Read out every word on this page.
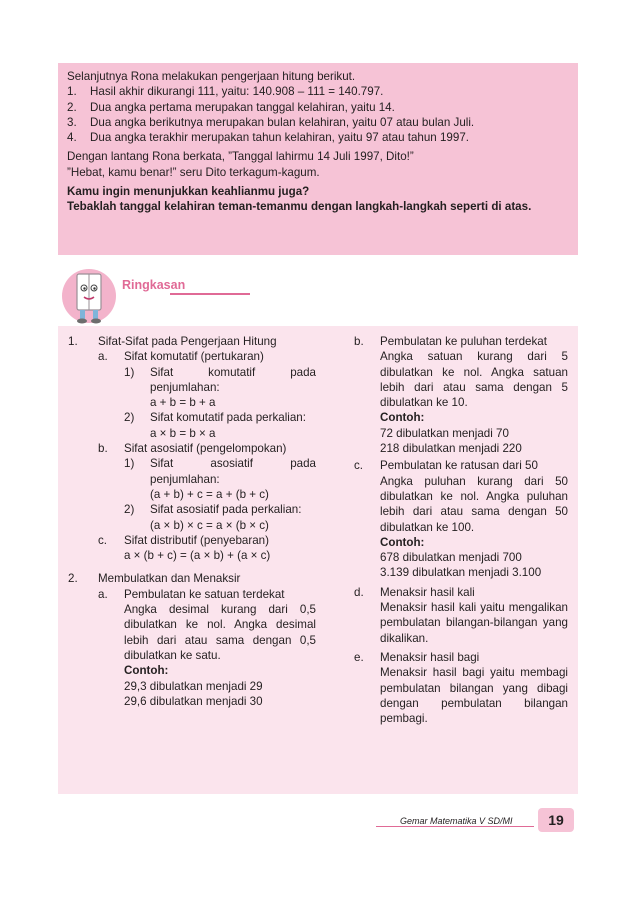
Selanjutnya Rona melakukan pengerjaan hitung berikut.

1.	Hasil akhir dikurangi 111, yaitu: 140.908 – 111 = 140.797.
2.	Dua angka pertama merupakan tanggal kelahiran, yaitu 14.
3.	Dua angka berikutnya merupakan bulan kelahiran, yaitu 07 atau bulan Juli.
4.	Dua angka terakhir merupakan tahun kelahiran, yaitu 97 atau tahun 1997.

Dengan lantang Rona berkata, ”Tanggal lahirmu 14 Juli 1997, Dito!”

”Hebat, kamu benar!” seru Dito terkagum-kagum.

Kamu ingin menunjukkan keahlianmu juga?

Tebaklah tanggal kelahiran teman-temanmu dengan langkah-langkah seperti di atas.

Ringkasan
1.	Sifat-Sifat pada Pengerjaan Hitung
a.	Sifat komutatif (pertukaran)
1)	Sifat komutatif pada penjumlahan:
a + b = b + a
2)	Sifat komutatif pada perkalian:
a × b = b × a
b.	Sifat asosiatif (pengelompokan)
1)	Sifat asosiatif pada penjumlahan:
(a + b) + c = a + (b + c)
2)	Sifat asosiatif pada perkalian:
(a × b) × c = a × (b × c)
c.	Sifat distributif (penyebaran)
a × (b + c) = (a × b) + (a × c)
2.	Membulatkan dan Menaksir
a.	Pembulatan ke satuan terdekat
Angka desimal kurang dari 0,5 dibulatkan ke nol. Angka desimal lebih dari atau sama dengan 0,5 dibulatkan ke satu.
Contoh:
29,3 dibulatkan menjadi 29
29,6 dibulatkan menjadi 30
b.	Pembulatan ke puluhan terdekat
Angka satuan kurang dari 5 dibulatkan ke nol. Angka satuan lebih dari atau sama dengan 5 dibulatkan ke 10.
Contoh:
72 dibulatkan menjadi 70
218 dibulatkan menjadi 220
c.	Pembulatan ke ratusan dari 50
Angka puluhan kurang dari 50 dibulatkan ke nol. Angka puluhan lebih dari atau sama dengan 50 dibulatkan ke 100.
Contoh:
678 dibulatkan menjadi 700
3.139 dibulatkan menjadi 3.100
d.	Menaksir hasil kali
Menaksir hasil kali yaitu mengalikan pembulatan bilangan-bilangan yang dikalikan.
e.	Menaksir hasil bagi
Menaksir hasil bagi yaitu membagi pembulatan bilangan yang dibagi dengan pembulatan bilangan pembagi.
Gemar Matematika V SD/MI	19
